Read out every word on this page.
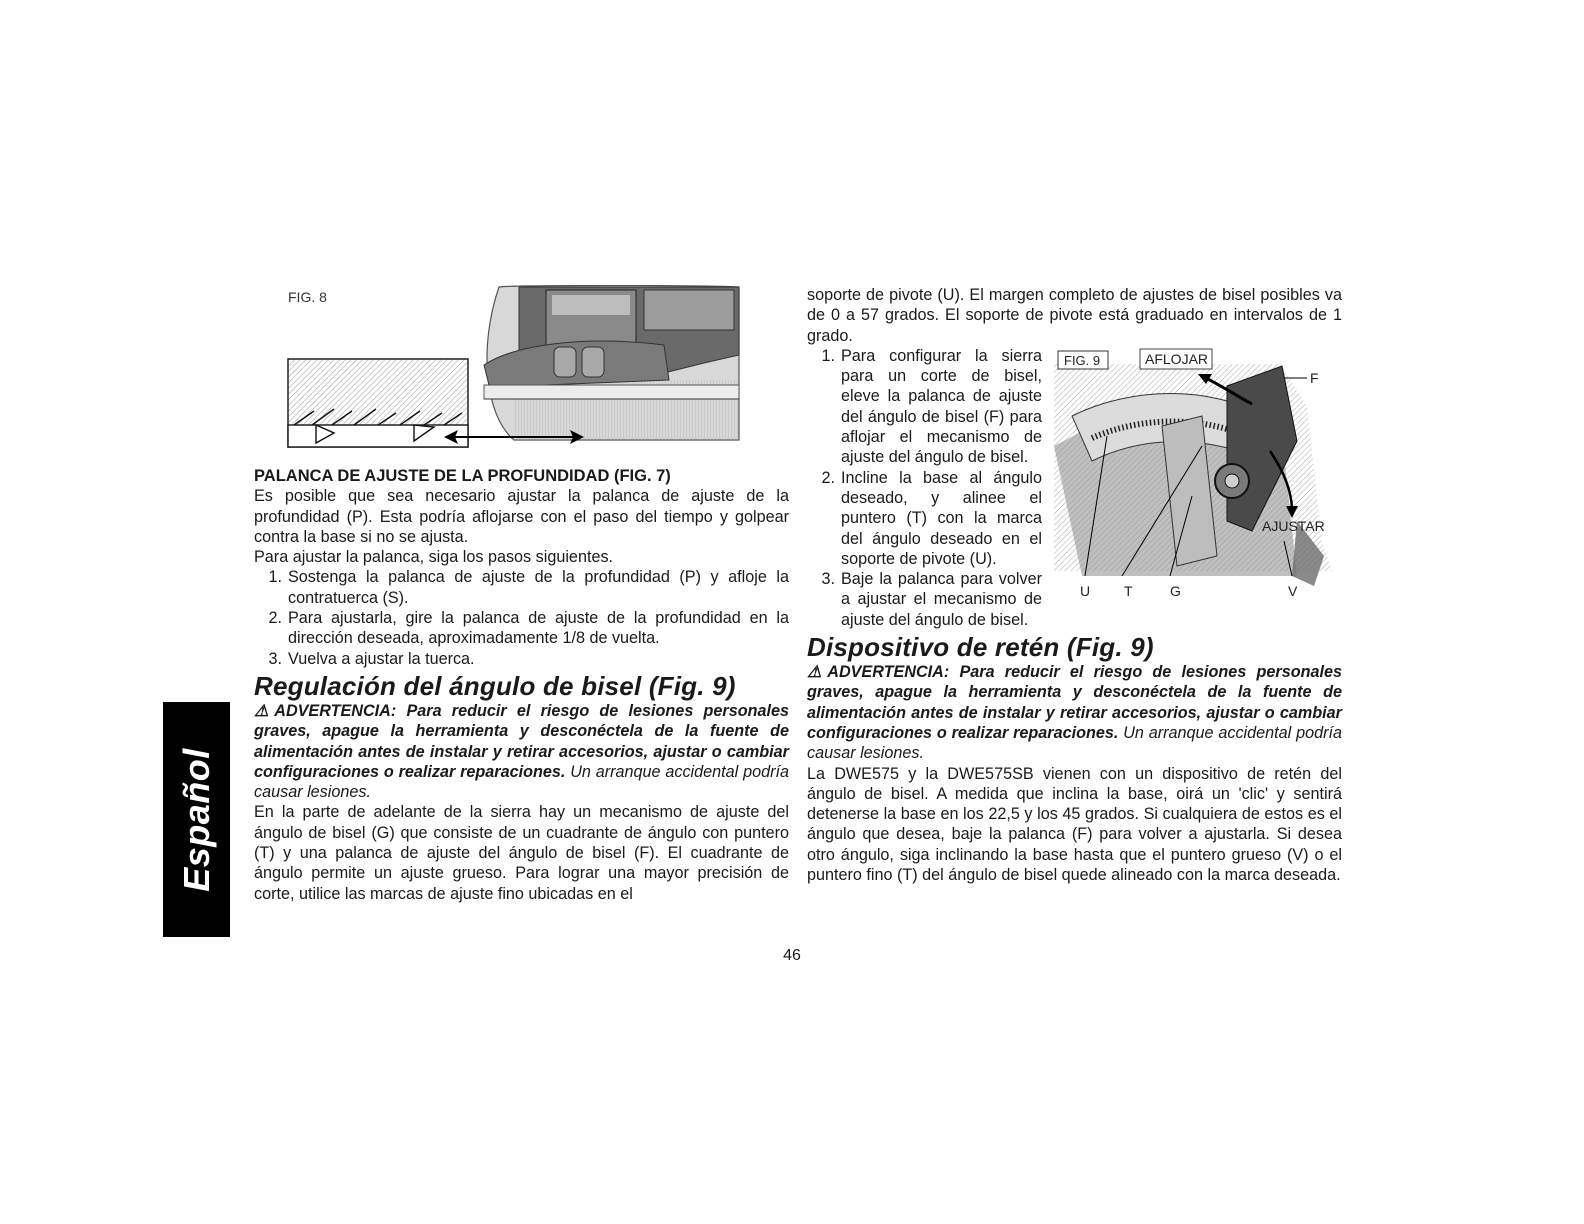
Español
FIG. 8

PALANCA DE AJUSTE DE LA PROFUNDIDAD (FIG. 7)

Es posible que sea necesario ajustar la palanca de ajuste de la profundidad (P). Esta podría aflojarse con el paso del tiempo y golpear contra la base si no se ajusta.

Para ajustar la palanca, siga los pasos siguientes.

1. Sostenga la palanca de ajuste de la profundidad (P) y afloje la contratuerca (S).
2. Para ajustarla, gire la palanca de ajuste de la profundidad en la dirección deseada, aproximadamente 1/8 de vuelta.
3. Vuelva a ajustar la tuerca.

Regulación del ángulo de bisel (Fig. 9)

⚠ADVERTENCIA: Para reducir el riesgo de lesiones personales graves, apague la herramienta y desconéctela de la fuente de alimentación antes de instalar y retirar accesorios, ajustar o cambiar configuraciones o realizar reparaciones. Un arranque accidental podría causar lesiones.

En la parte de adelante de la sierra hay un mecanismo de ajuste del ángulo de bisel (G) que consiste de un cuadrante de ángulo con puntero (T) y una palanca de ajuste del ángulo de bisel (F). El cuadrante de ángulo permite un ajuste grueso. Para lograr una mayor precisión de corte, utilice las marcas de ajuste fino ubicadas en el

soporte de pivote (U). El margen completo de ajustes de bisel posibles va de 0 a 57 grados. El soporte de pivote está graduado en intervalos de 1 grado.

1. Para configurar la sierra para un corte de bisel, eleve la palanca de ajuste del ángulo de bisel (F) para aflojar el mecanismo de ajuste del ángulo de bisel.
2. Incline la base al ángulo deseado, y alinee el puntero (T) con la marca del ángulo deseado en el soporte de pivote (U).
3. Baje la palanca para volver a ajustar el mecanismo de ajuste del ángulo de bisel.
FIG. 9	AFLOJAR
AJUSTAR
F
U T	G	V

Dispositivo de retén (Fig. 9)

⚠ADVERTENCIA: Para reducir el riesgo de lesiones personales graves, apague la herramienta y desconéctela de la fuente de alimentación antes de instalar y retirar accesorios, ajustar o cambiar configuraciones o realizar reparaciones. Un arranque accidental podría causar lesiones.

La DWE575 y la DWE575SB vienen con un dispositivo de retén del ángulo de bisel. A medida que inclina la base, oirá un 'clic' y sentirá detenerse la base en los 22,5 y los 45 grados. Si cualquiera de estos es el ángulo que desea, baje la palanca (F) para volver a ajustarla. Si desea otro ángulo, siga inclinando la base hasta que el puntero grueso (V) o el puntero fino (T) del ángulo de bisel quede alineado con la marca deseada.

46
